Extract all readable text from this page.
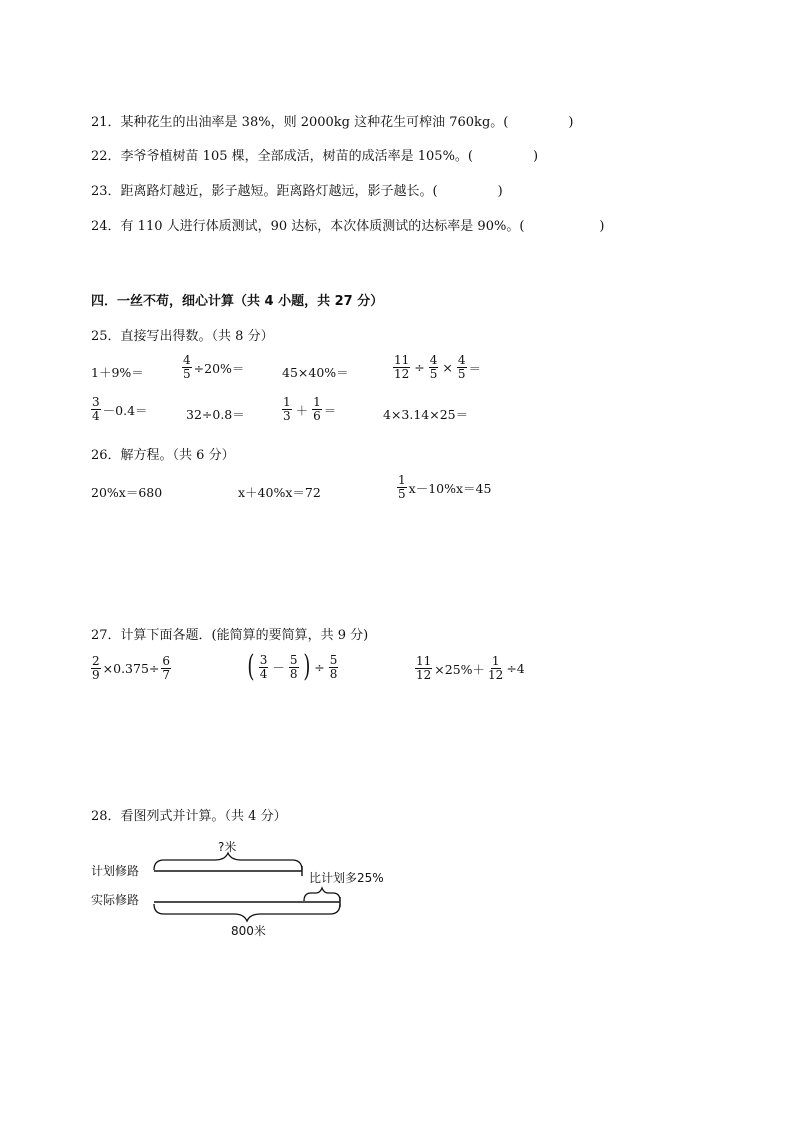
21．某种花生的出油率是 38%，则 2000kg 这种花生可榨油 760kg。(	)
22．李爷爷植树苗 105 棵，全部成活，树苗的成活率是 105%。(	)
23．距离路灯越近，影子越短。距离路灯越远，影子越长。(	)
24．有 110 人进行体质测试，90 达标，本次体质测试的达标率是 90%。(	)
四．一丝不苟，细心计算（共 4 小题，共 27 分）
25．直接写出得数。（共 8 分）
1＋9%＝	$\frac{4}{5} \div 20\%=$	45×40%＝	$\frac{11}{12} \div \frac{4}{5} \times \frac{4}{5}$ ＝
$\frac{3}{4} -0.4=$	32÷0.8＝	$\frac{1}{3} + \frac{1}{6}$ ＝	4×3.14×25＝
26．解方程。（共 6 分）
20%x＝680	x＋40%x＝72	$\frac{1}{5} x-10\%x=45$
27．计算下面各题．(能简算的要简算，共 9 分)
$\frac{2}{9} \times 0.375\div \frac{6}{7}$	( $\frac{3}{4} - \frac{5}{8}$ ) ÷ $\frac{5}{8}$	$\frac{11}{12} \times 25\%+ \frac{1}{12} \div 4$
28．看图列式并计算。（共 4 分）
?米
计划修路
实际修路
比计划多25%
800米
